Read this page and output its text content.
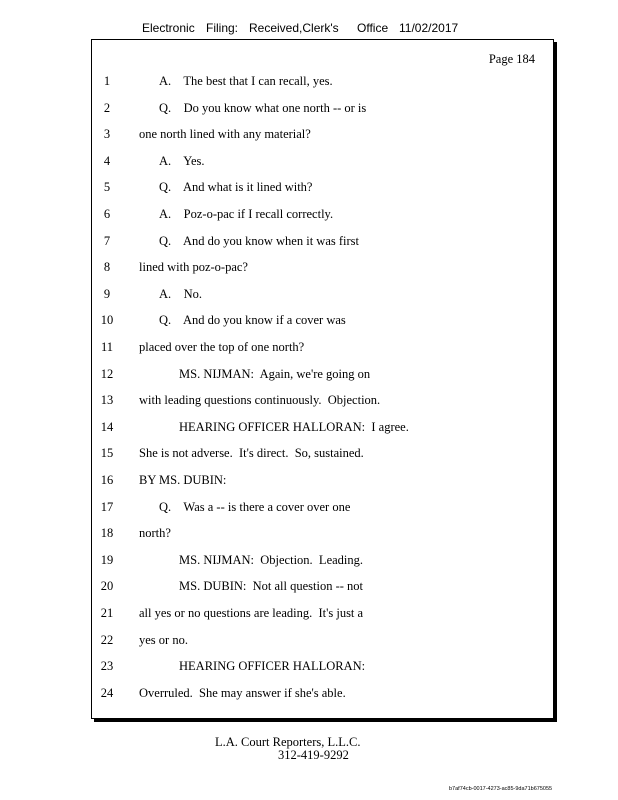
Electronic Filing: Received,Clerk's Office 11/02/2017
Page 184
1	A.    The best that I can recall, yes.
2	Q.    Do you know what one north -- or is
3	one north lined with any material?
4	A.    Yes.
5	Q.    And what is it lined with?
6	A.    Poz-o-pac if I recall correctly.
7	Q.    And do you know when it was first
8	lined with poz-o-pac?
9	A.    No.
10	Q.    And do you know if a cover was
11	placed over the top of one north?
12	MS. NIJMAN:  Again, we're going on
13	with leading questions continuously.  Objection.
14	HEARING OFFICER HALLORAN:  I agree.
15	She is not adverse.  It's direct.  So, sustained.
16	BY MS. DUBIN:
17	Q.    Was a -- is there a cover over one
18	north?
19	MS. NIJMAN:  Objection.  Leading.
20	MS. DUBIN:  Not all question -- not
21	all yes or no questions are leading.  It's just a
22	yes or no.
23	HEARING OFFICER HALLORAN:
24	Overruled.  She may answer if she's able.
L.A. Court Reporters, L.L.C.
312-419-9292
b7af74cb-0017-4273-ac85-9da71b675055
